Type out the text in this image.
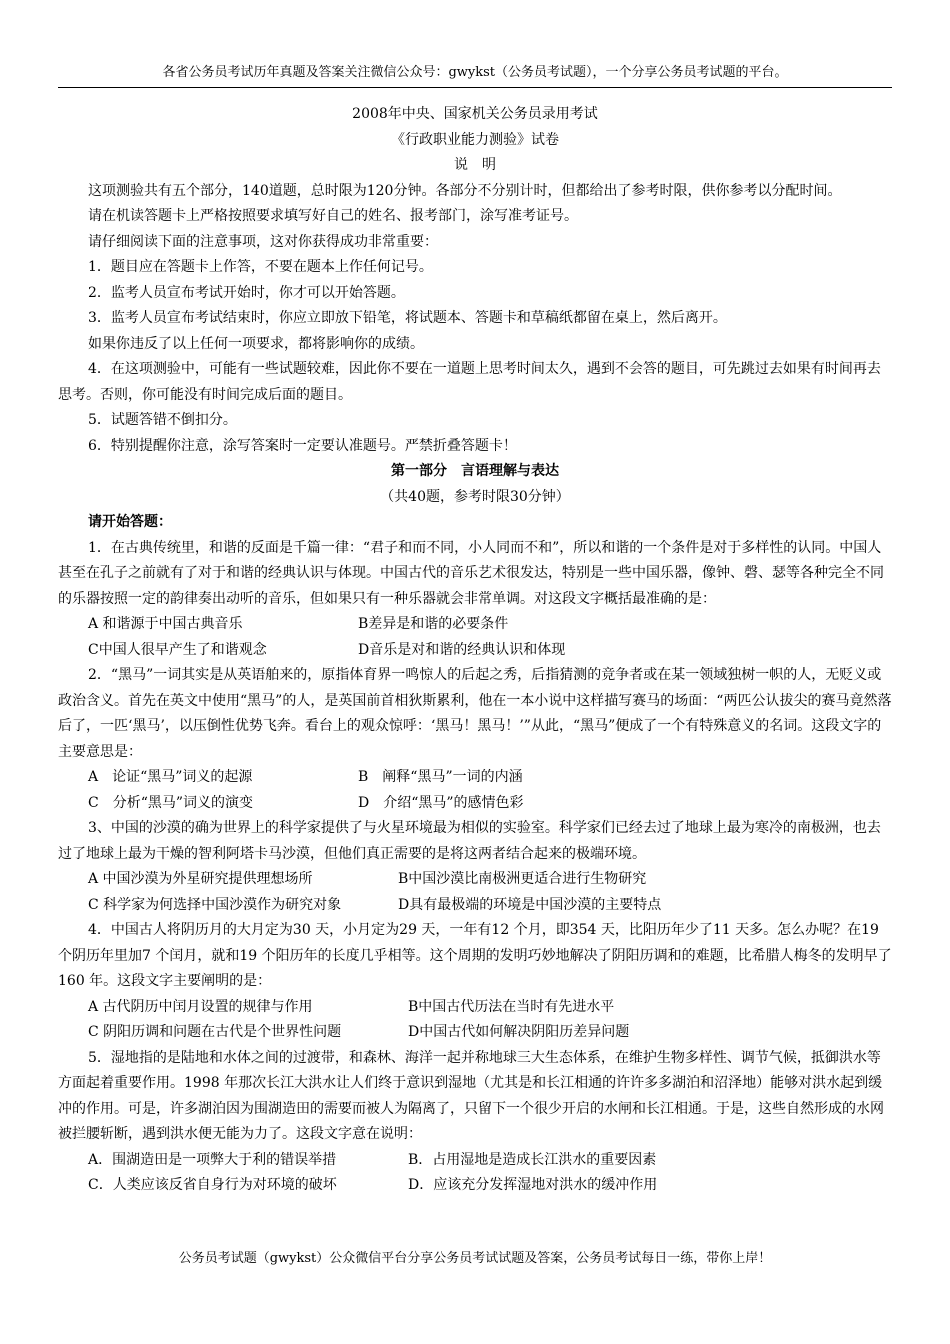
各省公务员考试历年真题及答案关注微信公众号：gwykst（公务员考试题），一个分享公务员考试题的平台。

2008年中央、国家机关公务员录用考试

《行政职业能力测验》试卷

说　明

这项测验共有五个部分，140道题，总时限为120分钟。各部分不分别计时，但都给出了参考时限，供你参考以分配时间。

请在机读答题卡上严格按照要求填写好自己的姓名、报考部门，涂写准考证号。

请仔细阅读下面的注意事项，这对你获得成功非常重要：

1．题目应在答题卡上作答，不要在题本上作任何记号。

2．监考人员宣布考试开始时，你才可以开始答题。

3．监考人员宣布考试结束时，你应立即放下铅笔，将试题本、答题卡和草稿纸都留在桌上，然后离开。

如果你违反了以上任何一项要求，都将影响你的成绩。

4．在这项测验中，可能有一些试题较难，因此你不要在一道题上思考时间太久，遇到不会答的题目，可先跳过去如果有时间再去思考。否则，你可能没有时间完成后面的题目。

5．试题答错不倒扣分。

6．特别提醒你注意，涂写答案时一定要认准题号。严禁折叠答题卡！

第一部分　言语理解与表达

（共40题，参考时限30分钟）

请开始答题：

1．在古典传统里，和谐的反面是千篇一律：“君子和而不同，小人同而不和”，所以和谐的一个条件是对于多样性的认同。中国人甚至在孔子之前就有了对于和谐的经典认识与体现。中国古代的音乐艺术很发达，特别是一些中国乐器，像钟、磬、瑟等各种完全不同的乐器按照一定的韵律奏出动听的音乐，但如果只有一种乐器就会非常单调。对这段文字概括最准确的是：

A 和谐源于中国古典音乐	B差异是和谐的必要条件
C中国人很早产生了和谐观念	D音乐是对和谐的经典认识和体现

2．“黑马”一词其实是从英语舶来的，原指体育界一鸣惊人的后起之秀，后指猜测的竞争者或在某一领域独树一帜的人，无贬义或政治含义。首先在英文中使用“黑马”的人，是英国前首相狄斯累利，他在一本小说中这样描写赛马的场面：“两匹公认拔尖的赛马竟然落后了，一匹‘黑马’，以压倒性优势飞奔。看台上的观众惊呼：‘黑马！黑马！’”从此，“黑马”便成了一个有特殊意义的名词。这段文字的主要意思是：

A　论证“黑马”词义的起源	B　阐释“黑马”一词的内涵
C　分析“黑马”词义的演变	D　介绍“黑马”的感情色彩

3、中国的沙漠的确为世界上的科学家提供了与火星环境最为相似的实验室。科学家们已经去过了地球上最为寒冷的南极洲，也去过了地球上最为干燥的智利阿塔卡马沙漠，但他们真正需要的是将这两者结合起来的极端环境。

A 中国沙漠为外星研究提供理想场所	B中国沙漠比南极洲更适合进行生物研究
C 科学家为何选择中国沙漠作为研究对象	D具有最极端的环境是中国沙漠的主要特点

4．中国古人将阴历月的大月定为30 天，小月定为29 天，一年有12 个月，即354 天，比阳历年少了11 天多。怎么办呢？在19 个阴历年里加7 个闰月，就和19 个阳历年的长度几乎相等。这个周期的发明巧妙地解决了阴阳历调和的难题，比希腊人梅冬的发明早了160 年。这段文字主要阐明的是：

A 古代阴历中闰月设置的规律与作用	B中国古代历法在当时有先进水平
C 阴阳历调和问题在古代是个世界性问题	D中国古代如何解决阴阳历差异问题

5．湿地指的是陆地和水体之间的过渡带，和森林、海洋一起并称地球三大生态体系，在维护生物多样性、调节气候，抵御洪水等方面起着重要作用。1998 年那次长江大洪水让人们终于意识到湿地（尤其是和长江相通的许许多多湖泊和沼泽地）能够对洪水起到缓冲的作用。可是，许多湖泊因为围湖造田的需要而被人为隔离了，只留下一个很少开启的水闸和长江相通。于是，这些自然形成的水网被拦腰斩断，遇到洪水便无能为力了。这段文字意在说明：

A．围湖造田是一项弊大于利的错误举措	B．占用湿地是造成长江洪水的重要因素
C．人类应该反省自身行为对环境的破坏	D．应该充分发挥湿地对洪水的缓冲作用
公务员考试题（gwykst）公众微信平台分享公务员考试试题及答案，公务员考试每日一练，带你上岸！
